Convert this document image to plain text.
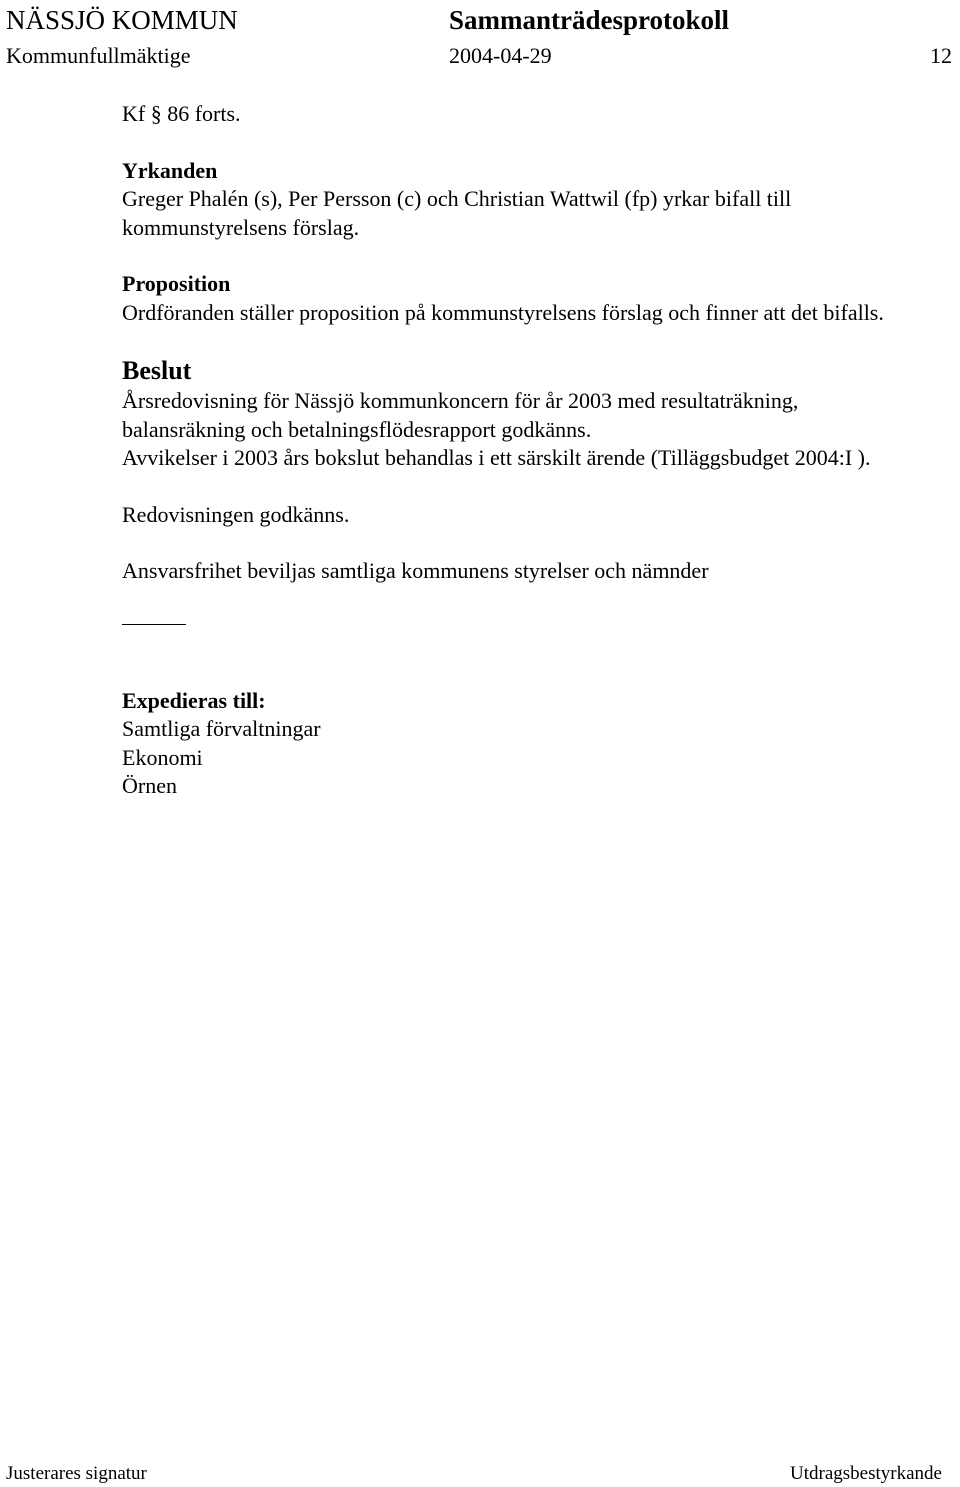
NÄSSJÖ KOMMUN	Sammanträdesprotokoll
Kommunfullmäktige	2004-04-29	12

Kf § 86 forts.

Yrkanden

Greger Phalén (s), Per Persson (c) och Christian Wattwil (fp) yrkar bifall till kommunstyrelsens förslag.

Proposition

Ordföranden ställer proposition på kommunstyrelsens förslag och finner att det bifalls.

Beslut

Årsredovisning för Nässjö kommunkoncern för år 2003 med resultaträkning, balansräkning och betalningsflödesrapport godkänns.

Avvikelser i 2003 års bokslut behandlas i ett särskilt ärende (Tilläggsbudget 2004:I ).

Redovisningen godkänns.

Ansvarsfrihet beviljas samtliga kommunens styrelser och nämnder

Expedieras till:

Samtliga förvaltningar

Ekonomi

Örnen

Justerares signatur	Utdragsbestyrkande
